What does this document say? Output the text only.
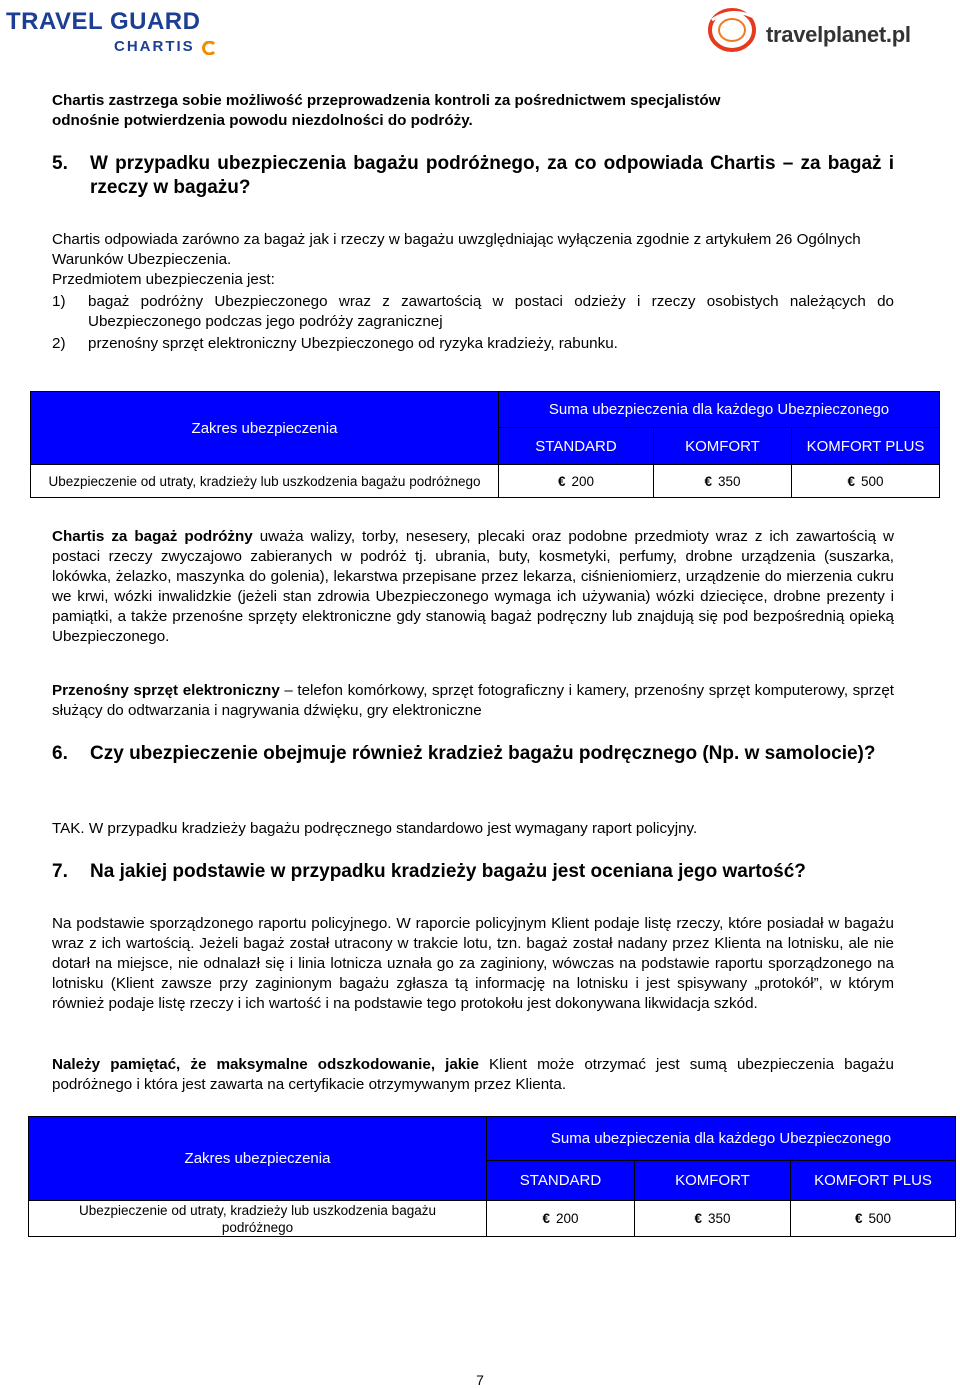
TRAVEL GUARD
CHARTIS	travelplanet.pl
Chartis zastrzega sobie możliwość przeprowadzenia kontroli za pośrednictwem specjalistów
odnośnie potwierdzenia powodu niezdolności do podróży.
5. W przypadku ubezpieczenia bagażu podróżnego, za co odpowiada Chartis – za bagaż i rzeczy w bagażu?
Chartis odpowiada zarówno za bagaż jak i rzeczy w bagażu uwzględniając wyłączenia zgodnie z artykułem 26 Ogólnych Warunków Ubezpieczenia.
Przedmiotem ubezpieczenia jest:
1) bagaż podróżny Ubezpieczonego wraz z zawartością w postaci odzieży i rzeczy osobistych należących do Ubezpieczonego podczas jego podróży zagranicznej
2) przenośny sprzęt elektroniczny Ubezpieczonego od ryzyka kradzieży, rabunku.
Zakres ubezpieczenia	Suma ubezpieczenia dla każdego Ubezpieczonego		
	STANDARD	KOMFORT	KOMFORT PLUS
Ubezpieczenie od utraty, kradzieży lub uszkodzenia bagażu podróżnego	€ 200	€ 350	€ 500
Chartis za bagaż podróżny uważa walizy, torby, nesesery, plecaki oraz podobne przedmioty wraz z ich zawartością w postaci rzeczy zwyczajowo zabieranych w podróż tj. ubrania, buty, kosmetyki, perfumy, drobne urządzenia (suszarka, lokówka, żelazko, maszynka do golenia), lekarstwa przepisane przez lekarza, ciśnieniomierz, urządzenie do mierzenia cukru we krwi, wózki inwalidzkie (jeżeli stan zdrowia Ubezpieczonego wymaga ich używania) wózki dziecięce, drobne prezenty i pamiątki, a także przenośne sprzęty elektroniczne gdy stanowią bagaż podręczny lub znajdują się pod bezpośrednią opieką Ubezpieczonego.
Przenośny sprzęt elektroniczny – telefon komórkowy, sprzęt fotograficzny i kamery, przenośny sprzęt komputerowy, sprzęt służący do odtwarzania i nagrywania dźwięku, gry elektroniczne
6. Czy ubezpieczenie obejmuje również kradzież bagażu podręcznego (Np. w samolocie)?
TAK. W przypadku kradzieży bagażu podręcznego standardowo jest wymagany raport policyjny.
7. Na jakiej podstawie w przypadku kradzieży bagażu jest oceniana jego wartość?
Na podstawie sporządzonego raportu policyjnego. W raporcie policyjnym Klient podaje listę rzeczy, które posiadał w bagażu wraz z ich wartością. Jeżeli bagaż został utracony w trakcie lotu, tzn. bagaż został nadany przez Klienta na lotnisku, ale nie dotarł na miejsce, nie odnalazł się i linia lotnicza uznała go za zaginiony, wówczas na podstawie raportu sporządzonego na lotnisku (Klient zawsze przy zaginionym bagażu zgłasza tą informację na lotnisku i jest spisywany „protokół”, w którym również podaje listę rzeczy i ich wartość i na podstawie tego protokołu jest dokonywana likwidacja szkód.
Należy pamiętać, że maksymalne odszkodowanie, jakie Klient może otrzymać jest sumą ubezpieczenia bagażu podróżnego i która jest zawarta na certyfikacie otrzymywanym przez Klienta.
Zakres ubezpieczenia	Suma ubezpieczenia dla każdego Ubezpieczonego		
	STANDARD	KOMFORT	KOMFORT PLUS
Ubezpieczenie od utraty, kradzieży lub uszkodzenia bagażu podróżnego	€ 200	€ 350	€ 500
7
